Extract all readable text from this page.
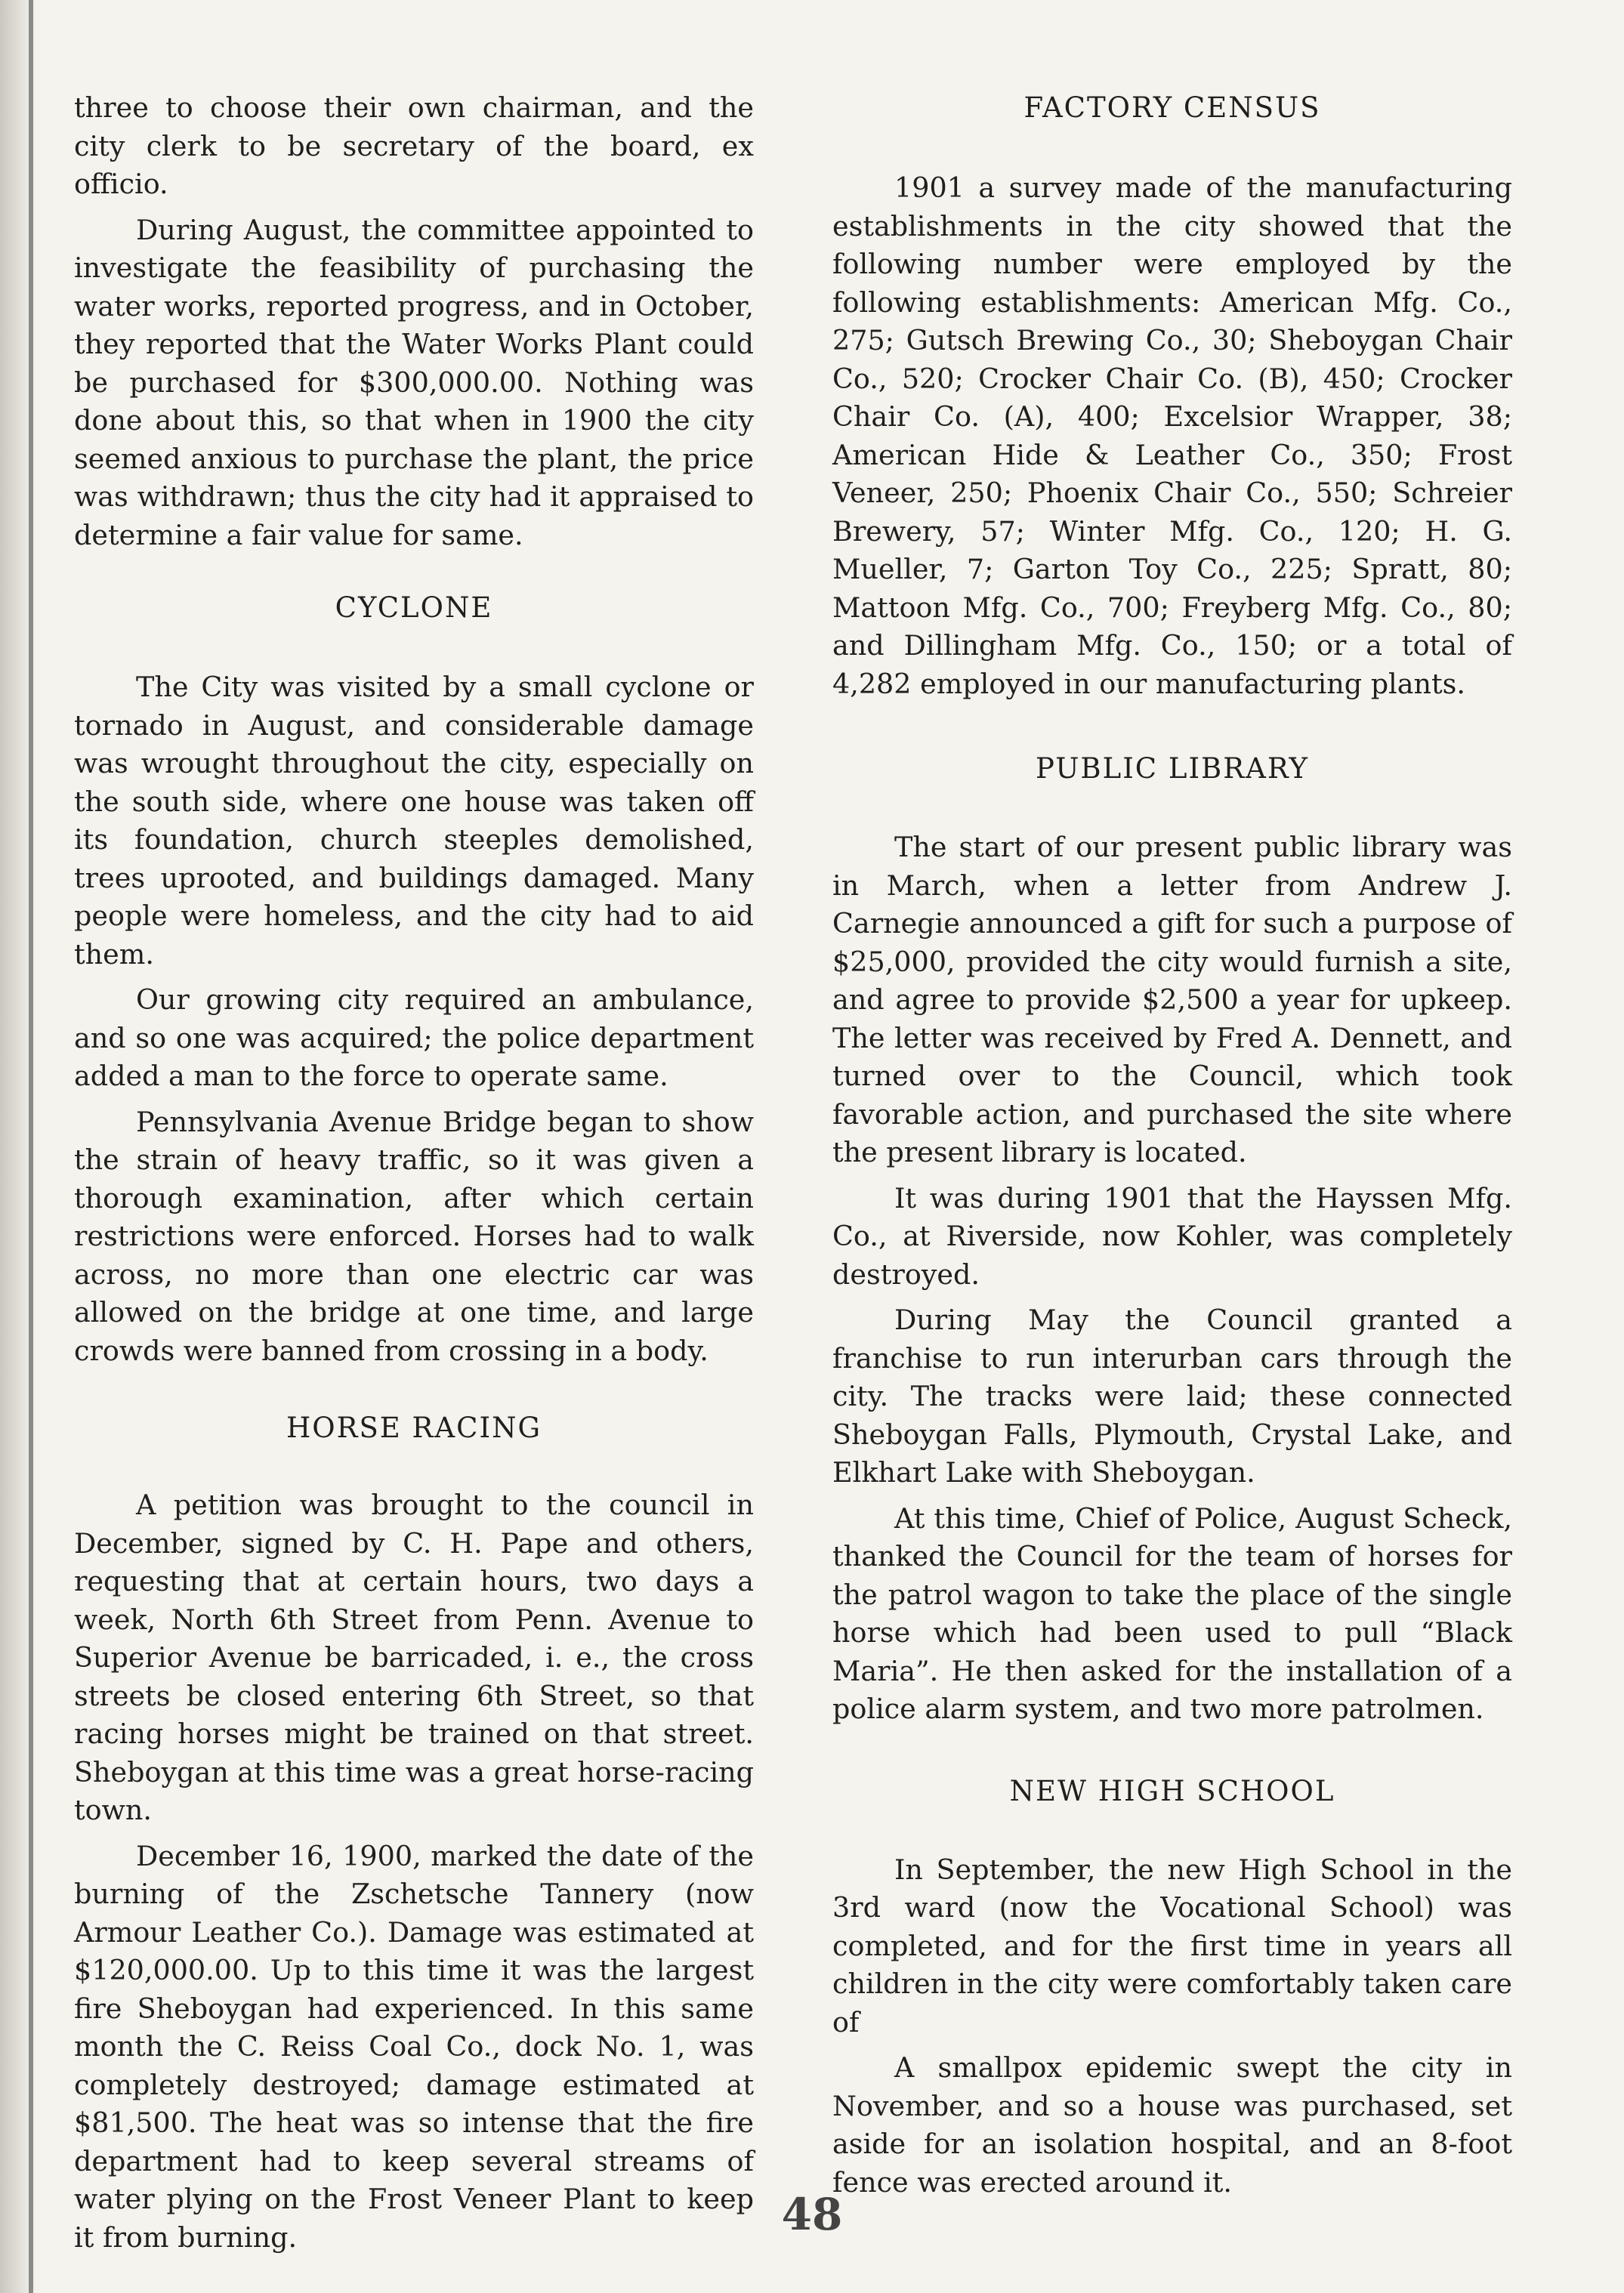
three to choose their own chairman, and the city clerk to be secretary of the board, ex officio.

During August, the committee appointed to investigate the feasibility of purchasing the water works, reported progress, and in October, they reported that the Water Works Plant could be purchased for $300,000.00. Nothing was done about this, so that when in 1900 the city seemed anxious to purchase the plant, the price was withdrawn; thus the city had it appraised to determine a fair value for same.

CYCLONE

The City was visited by a small cyclone or tornado in August, and considerable damage was wrought throughout the city, especially on the south side, where one house was taken off its foundation, church steeples demolished, trees uprooted, and buildings damaged. Many people were homeless, and the city had to aid them.

Our growing city required an ambulance, and so one was acquired; the police department added a man to the force to operate same.

Pennsylvania Avenue Bridge began to show the strain of heavy traffic, so it was given a thorough examination, after which certain restrictions were enforced. Horses had to walk across, no more than one electric car was allowed on the bridge at one time, and large crowds were banned from crossing in a body.

HORSE RACING

A petition was brought to the council in December, signed by C. H. Pape and others, requesting that at certain hours, two days a week, North 6th Street from Penn. Avenue to Superior Avenue be barricaded, i. e., the cross streets be closed entering 6th Street, so that racing horses might be trained on that street. Sheboygan at this time was a great horse-racing town.

December 16, 1900, marked the date of the burning of the Zschetsche Tannery (now Armour Leather Co.). Damage was estimated at $120,000.00. Up to this time it was the largest fire Sheboygan had experienced. In this same month the C. Reiss Coal Co., dock No. 1, was completely destroyed; damage estimated at $81,500. The heat was so intense that the fire department had to keep several streams of water plying on the Frost Veneer Plant to keep it from burning.

FACTORY CENSUS

1901 a survey made of the manufacturing establishments in the city showed that the following number were employed by the following establishments: American Mfg. Co., 275; Gutsch Brewing Co., 30; Sheboygan Chair Co., 520; Crocker Chair Co. (B), 450; Crocker Chair Co. (A), 400; Excelsior Wrapper, 38; American Hide & Leather Co., 350; Frost Veneer, 250; Phoenix Chair Co., 550; Schreier Brewery, 57; Winter Mfg. Co., 120; H. G. Mueller, 7; Garton Toy Co., 225; Spratt, 80; Mattoon Mfg. Co., 700; Freyberg Mfg. Co., 80; and Dillingham Mfg. Co., 150; or a total of 4,282 employed in our manufacturing plants.

PUBLIC LIBRARY

The start of our present public library was in March, when a letter from Andrew J. Carnegie announced a gift for such a purpose of $25,000, provided the city would furnish a site, and agree to provide $2,500 a year for upkeep. The letter was received by Fred A. Dennett, and turned over to the Council, which took favorable action, and purchased the site where the present library is located.

It was during 1901 that the Hayssen Mfg. Co., at Riverside, now Kohler, was completely destroyed.

During May the Council granted a franchise to run interurban cars through the city. The tracks were laid; these connected Sheboygan Falls, Plymouth, Crystal Lake, and Elkhart Lake with Sheboygan.

At this time, Chief of Police, August Scheck, thanked the Council for the team of horses for the patrol wagon to take the place of the single horse which had been used to pull “Black Maria”. He then asked for the installation of a police alarm system, and two more patrolmen.

NEW HIGH SCHOOL

In September, the new High School in the 3rd ward (now the Vocational School) was completed, and for the first time in years all children in the city were comfortably taken care of

A smallpox epidemic swept the city in November, and so a house was purchased, set aside for an isolation hospital, and an 8-foot fence was erected around it.

48
